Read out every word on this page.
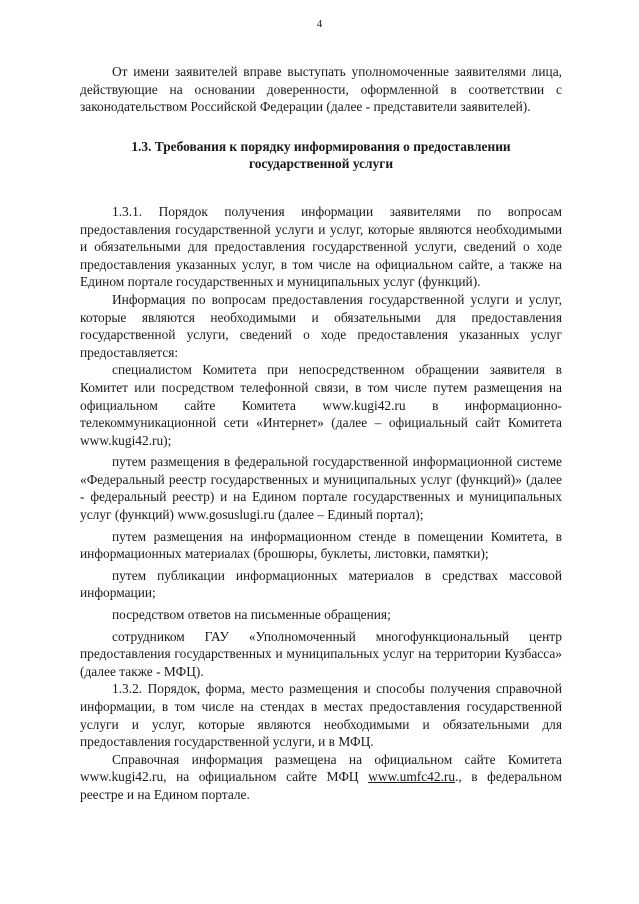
4

От имени заявителей вправе выступать уполномоченные заявителями лица, действующие на основании доверенности, оформленной в соответствии с законодательством Российской Федерации (далее - представители заявителей).

1.3. Требования к порядку информирования о предоставлении
государственной услуги

1.3.1. Порядок получения информации заявителями по вопросам предоставления государственной услуги и услуг, которые являются необходимыми и обязательными для предоставления государственной услуги, сведений о ходе предоставления указанных услуг, в том числе на официальном сайте, а также на Едином портале государственных и муниципальных услуг (функций).

Информация по вопросам предоставления государственной услуги и услуг, которые являются необходимыми и обязательными для предоставления государственной услуги, сведений о ходе предоставления указанных услуг предоставляется:

специалистом Комитета при непосредственном обращении заявителя в Комитет или посредством телефонной связи, в том числе путем размещения на официальном сайте Комитета www.kugi42.ru в информационно-телекоммуникационной сети «Интернет» (далее – официальный сайт Комитета www.kugi42.ru);

путем размещения в федеральной государственной информационной системе «Федеральный реестр государственных и муниципальных услуг (функций)» (далее - федеральный реестр) и на Едином портале государственных и муниципальных услуг (функций) www.gosuslugi.ru (далее – Единый портал);

путем размещения на информационном стенде в помещении Комитета, в информационных материалах (брошюры, буклеты, листовки, памятки);

путем публикации информационных материалов в средствах массовой информации;

посредством ответов на письменные обращения;

сотрудником ГАУ «Уполномоченный многофункциональный центр предоставления государственных и муниципальных услуг на территории Кузбасса» (далее также - МФЦ).

1.3.2. Порядок, форма, место размещения и способы получения справочной информации, в том числе на стендах в местах предоставления государственной услуги и услуг, которые являются необходимыми и обязательными для предоставления государственной услуги, и в МФЦ.

Справочная информация размещена на официальном сайте Комитета www.kugi42.ru, на официальном сайте МФЦ www.umfc42.ru., в федеральном реестре и на Едином портале.
